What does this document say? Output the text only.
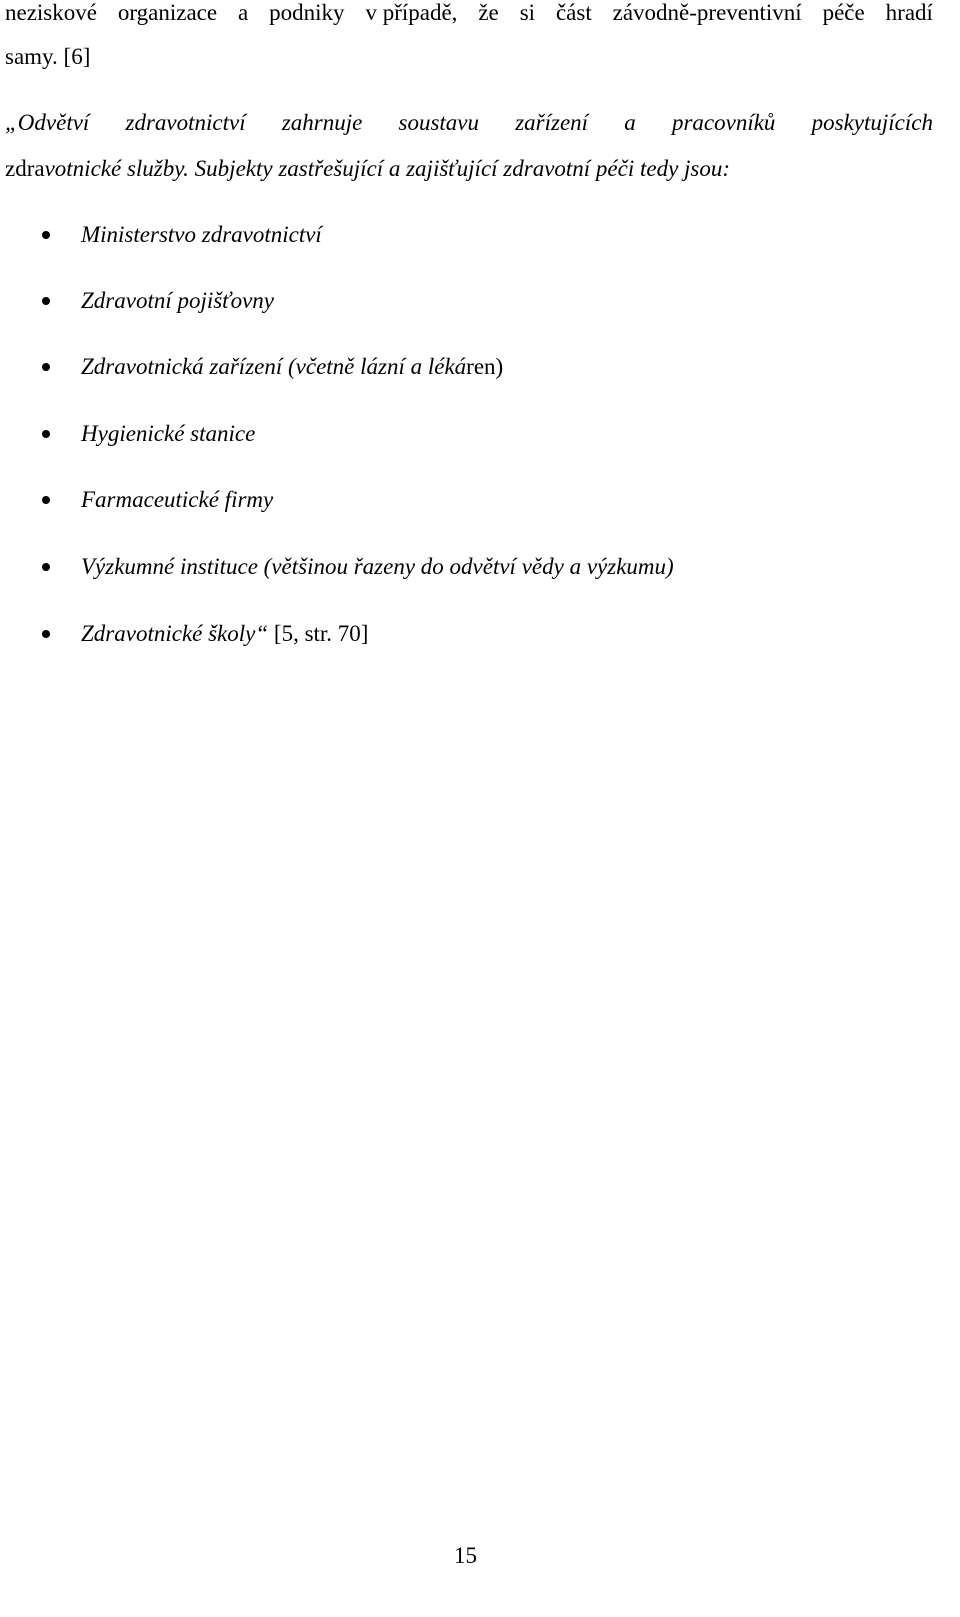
neziskové organizace a podniky v případě, že si část závodně-preventivní péče hradí
samy. [6]
„Odvětví zdravotnictví zahrnuje soustavu zařízení a pracovníků poskytujících
zdravotnické služby. Subjekty zastřešující a zajišťující zdravotní péči tedy jsou:
Ministerstvo zdravotnictví
Zdravotní pojišťovny
Zdravotnická zařízení (včetně lázní a lékáren)
Hygienické stanice
Farmaceutické firmy
Výzkumné instituce (většinou řazeny do odvětví vědy a výzkumu)
Zdravotnické školy“ [5, str. 70]
15
